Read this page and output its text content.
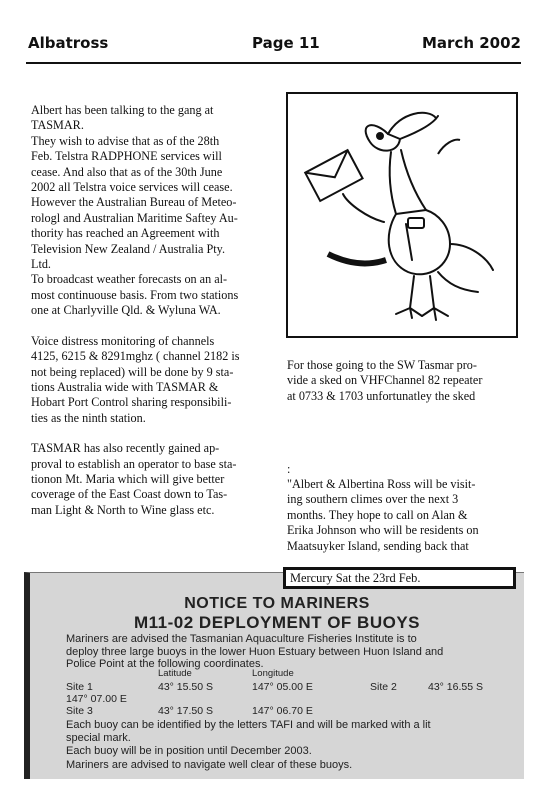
Albatross	Page 11	March 2002

Albert has been talking to the gang at
TASMAR.
They wish to advise that as of the 28th
Feb. Telstra RADPHONE services will
cease. And also that as of the 30th June
2002 all Telstra voice services will cease.
However the Australian Bureau of Meteo-
rologl and Australian Maritime Saftey Au-
thority has reached an Agreement with
Television New Zealand / Australia Pty.
Ltd.
To broadcast weather forecasts on an al-
most continuouse basis. From two stations
one at Charlyville Qld. & Wyluna WA.

Voice distress monitoring of channels
4125, 6215 & 8291mghz ( channel 2182 is
not being replaced) will be done by 9 sta-
tions Australia wide with TASMAR &
Hobart Port Control sharing responsibili-
ties as the ninth station.

TASMAR has also recently gained ap-
proval to establish an operator to base sta-
tionon Mt. Maria which will give better
coverage of the East Coast down to Tas-
man Light & North to Wine glass etc.

For those going to the SW Tasmar pro-
vide a sked on VHFChannel 82 repeater
at 0733 & 1703 unfortunatley the sked

:

"Albert & Albertina Ross will be visit-
ing southern climes over the next 3
months. They hope to call on Alan &
Erika Johnson who will be residents on
Maatsuyker Island, sending back that

NOTICE TO MARINERS
M11-02 DEPLOYMENT OF BUOYS
Mariners are advised the Tasmanian Aquaculture Fisheries Institute is to
deploy three large buoys in the lower Huon Estuary between Huon Island and
Police Point at the following coordinates.
Latitude	Longitude
Site 1	43° 15.50 S	147° 05.00 E	Site 2	43° 16.55 S
147° 07.00 E
Site 3	43° 17.50 S	147° 06.70 E
Each buoy can be identified by the letters TAFI and will be marked with a lit
special mark.
Each buoy will be in position until December 2003.
Mariners are advised to navigate well clear of these buoys.
Mercury Sat the 23rd Feb.
